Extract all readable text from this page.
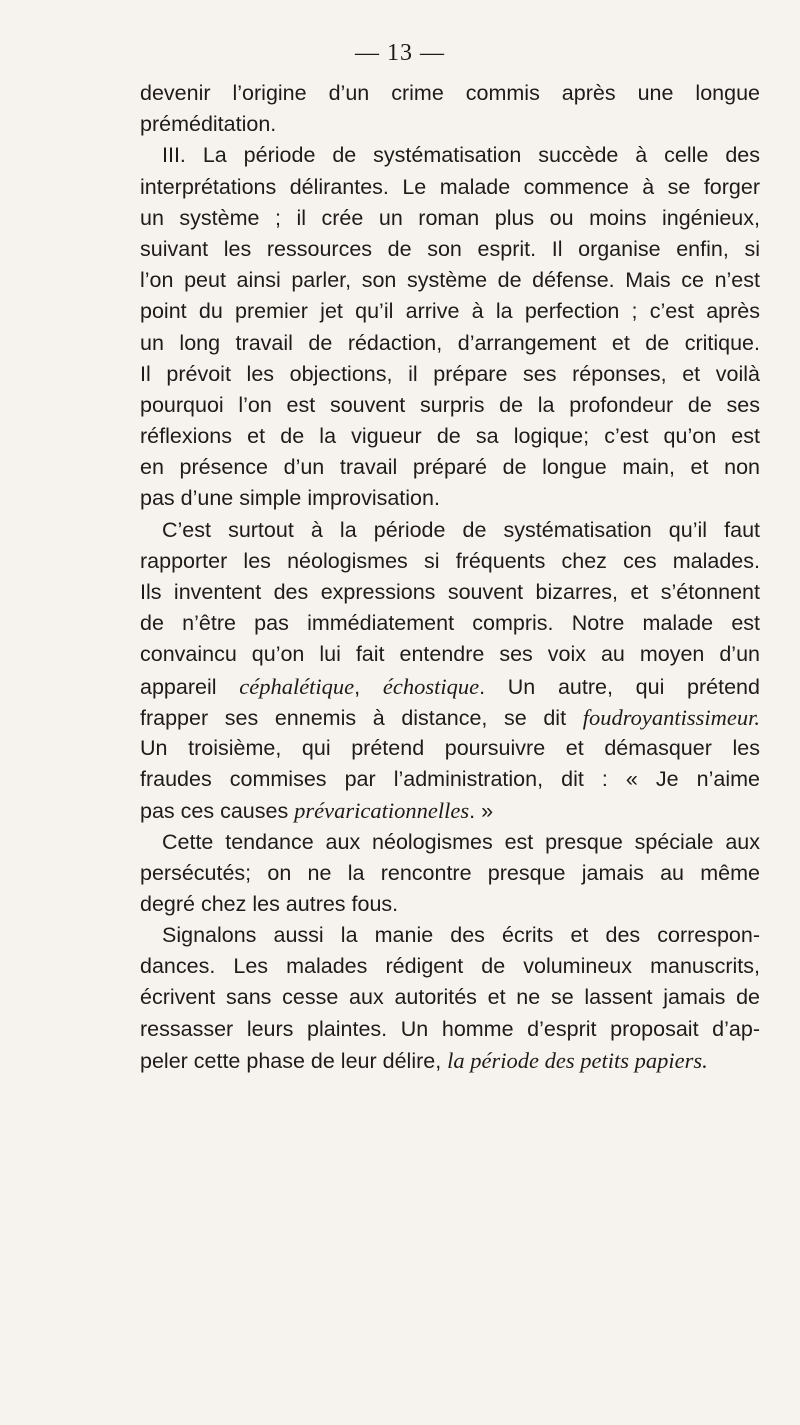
— 13 —
devenir l’origine d’un crime commis après une longue
préméditation.
III. La période de systématisation succède à celle des
interprétations délirantes. Le malade commence à se forger
un système ; il crée un roman plus ou moins ingénieux,
suivant les ressources de son esprit. Il organise enfin, si
l’on peut ainsi parler, son système de défense. Mais ce n’est
point du premier jet qu’il arrive à la perfection ; c’est après
un long travail de rédaction, d’arrangement et de critique.
Il prévoit les objections, il prépare ses réponses, et voilà
pourquoi l’on est souvent surpris de la profondeur de ses
réflexions et de la vigueur de sa logique; c’est qu’on est
en présence d’un travail préparé de longue main, et non
pas d’une simple improvisation.
C’est surtout à la période de systématisation qu’il faut
rapporter les néologismes si fréquents chez ces malades.
Ils inventent des expressions souvent bizarres, et s’étonnent
de n’être pas immédiatement compris. Notre malade est
convaincu qu’on lui fait entendre ses voix au moyen d’un
appareil céphalétique, échostique. Un autre, qui prétend
frapper ses ennemis à distance, se dit foudroyantissimeur.
Un troisième, qui prétend poursuivre et démasquer les
fraudes commises par l’administration, dit : « Je n’aime
pas ces causes prévaricationnelles. »
Cette tendance aux néologismes est presque spéciale aux
persécutés; on ne la rencontre presque jamais au même
degré chez les autres fous.
Signalons aussi la manie des écrits et des correspon-
dances. Les malades rédigent de volumineux manuscrits,
écrivent sans cesse aux autorités et ne se lassent jamais de
ressasser leurs plaintes. Un homme d’esprit proposait d’ap-
peler cette phase de leur délire, la période des petits papiers.
